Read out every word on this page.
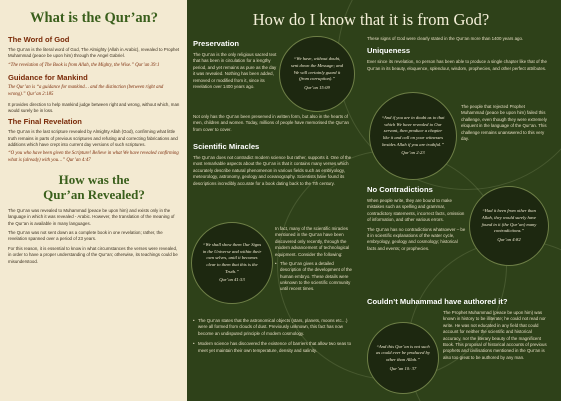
What is the Qur’an?
The Word of God

The Qur’an is the literal word of God, The Almighty (Allah in Arabic), revealed to Prophet Muhammad (peace be upon him) through the Angel Gabriel.

“The revelation of The Book is from Allah, the Mighty, the Wise.” Qur’an 39:1

Guidance for Mankind

The Qur’an is “a guidance for mankind… and the distinction (between right and wrong).” Qur’an 2:185

It provides direction to help mankind judge between right and wrong, without which, man would surely be in loss.

The Final Revelation

The Qur’an is the last scripture revealed by Almighty Allah (God), confirming what little truth remains in parts of previous scriptures and refuting and correcting fabrications and additions which have crept into current day versions of such scriptures.

“O you who have been given the Scripture! Believe in what We have revealed confirming what is (already) with you…” Qur’an 4:47

How was the
Qur’an Revealed?

The Qur’an was revealed to Muhammad (peace be upon him) and exists only in the language in which it was revealed - Arabic. However, the translation of the meaning of the Qur’an is available in many languages.

The Qur’an was not sent down as a complete book in one revelation; rather, the revelation spanned over a period of 23 years.

For this reason, it is essential to know in what circumstances the verses were revealed, in order to have a proper understanding of the Qur’an; otherwise, its teachings could be misunderstood.

How do I know that it is from God?
Preservation

The Qur’an is the only religious sacred text that has been in circulation for a lengthy period, and yet remains as pure as the day it was revealed. Nothing has been added, removed or modified from it, since its revelation over 1400 years ago.

“We have, without doubt, sent down the Message; and We will certainly guard it (from corruption).”
Qur’an 15:09

Not only has the Qur’an been preserved in written form, but also in the hearts of men, children and women. Today, millions of people have memorised the Qur’an from cover to cover.

Scientific Miracles

The Qur’an does not contradict modern science but rather, supports it. One of the most remarkable aspects about the Qur’an is that it contains many verses which accurately describe natural phenomenon in various fields such as embryology, meteorology, astronomy, geology and oceanography. Scientists have found its descriptions incredibly accurate for a book dating back to the 7th century.

“We shall show them Our Signs in the Universe and within their own selves, until it becomes clear to them that this is the Truth.”
Qur’an 41:53

In fact, many of the scientific miracles mentioned in the Qur’an have been discovered only recently, through the modern advancement of technological equipment. Consider the following:

• The Qur’an gives a detailed description of the development of the human embryo. These details were unknown to the scientific community until recent times.
• The Qur’an states that the astronomical objects (stars, planets, moons etc…) were all formed from clouds of dust. Previously unknown, this fact has now become an undisputed principle of modern cosmology.
• Modern science has discovered the existence of barriers that allow two seas to meet yet maintain their own temperature, density and salinity.

These signs of God were clearly stated in the Qur’an more than 1400 years ago.

Uniqueness

Ever since its revelation, no person has been able to produce a single chapter like that of the Qur’an in its beauty, eloquence, splendour, wisdom, prophecies, and other perfect attributes.

“And if you are in doubt as to that which We have revealed to Our servant, then produce a chapter like it and call on your witnesses besides Allah if you are truthful.”
Qur’an 2:23

The people that rejected Prophet Muhammad (peace be upon him) failed this challenge, even though they were extremely eloquent in the language of the Qur’an. This challenge remains unanswered to this very day.

No Contradictions

When people write, they are bound to make mistakes such as spelling and grammar, contradictory statements, incorrect facts, omission of information, and other various errors.

The Qur’an has no contradictions whatsoever – be it in scientific explanations of the water cycle, embryology, geology and cosmology; historical facts and events; or prophecies.

“Had it been from other than Allah, they would surely have found in it (the Qur’an) many contradictions.”
Qur’an 4:82
Couldn’t Muhammad have authored it?
“And this Qur’an is not such as could ever be produced by other than Allah.”
Qur’an 10: 37

The Prophet Muhammad (peace be upon him) was known in history to be illiterate; he could not read nor write. He was not educated in any field that could account for neither the scientific and historical accuracy, nor the literary beauty of the magnificent Book. This proposal of historical accounts of previous prophets and civilisations mentioned in the Qur’an is also too great to be authored by any man.
